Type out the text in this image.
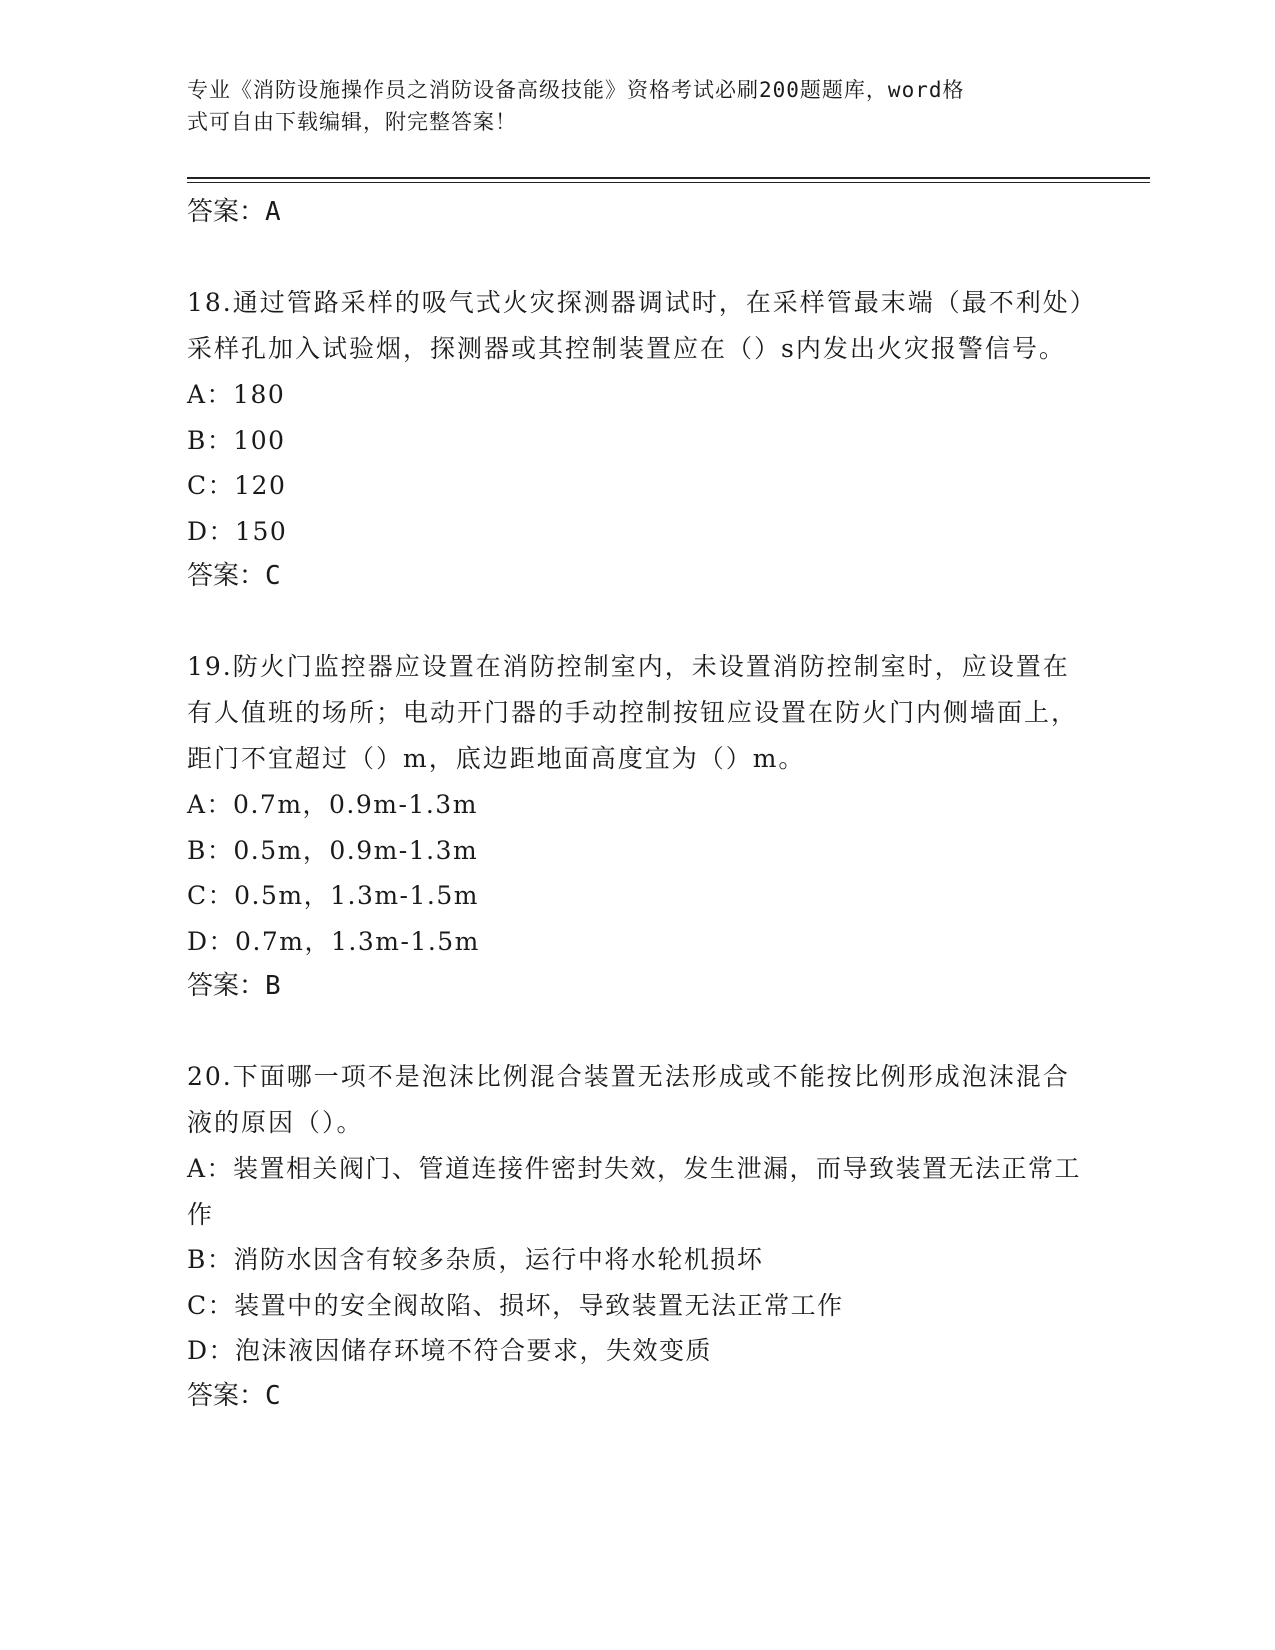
专业《消防设施操作员之消防设备高级技能》资格考试必刷200题题库，word格
式可自由下载编辑，附完整答案！
答案：A
18.通过管路采样的吸气式火灾探测器调试时，在采样管最末端（最不利处）采样孔加入试验烟，探测器或其控制装置应在（）s内发出火灾报警信号。
A：180
B：100
C：120
D：150
答案：C
19.防火门监控器应设置在消防控制室内，未设置消防控制室时，应设置在有人值班的场所；电动开门器的手动控制按钮应设置在防火门内侧墙面上，距门不宜超过（）m，底边距地面高度宜为（）m。
A：0.7m，0.9m-1.3m
B：0.5m，0.9m-1.3m
C：0.5m，1.3m-1.5m
D：0.7m，1.3m-1.5m
答案：B
20.下面哪一项不是泡沫比例混合装置无法形成或不能按比例形成泡沫混合液的原因（）。
A：装置相关阀门、管道连接件密封失效，发生泄漏，而导致装置无法正常工作
B：消防水因含有较多杂质，运行中将水轮机损坏
C：装置中的安全阀故陷、损坏，导致装置无法正常工作
D：泡沫液因储存环境不符合要求，失效变质
答案：C
